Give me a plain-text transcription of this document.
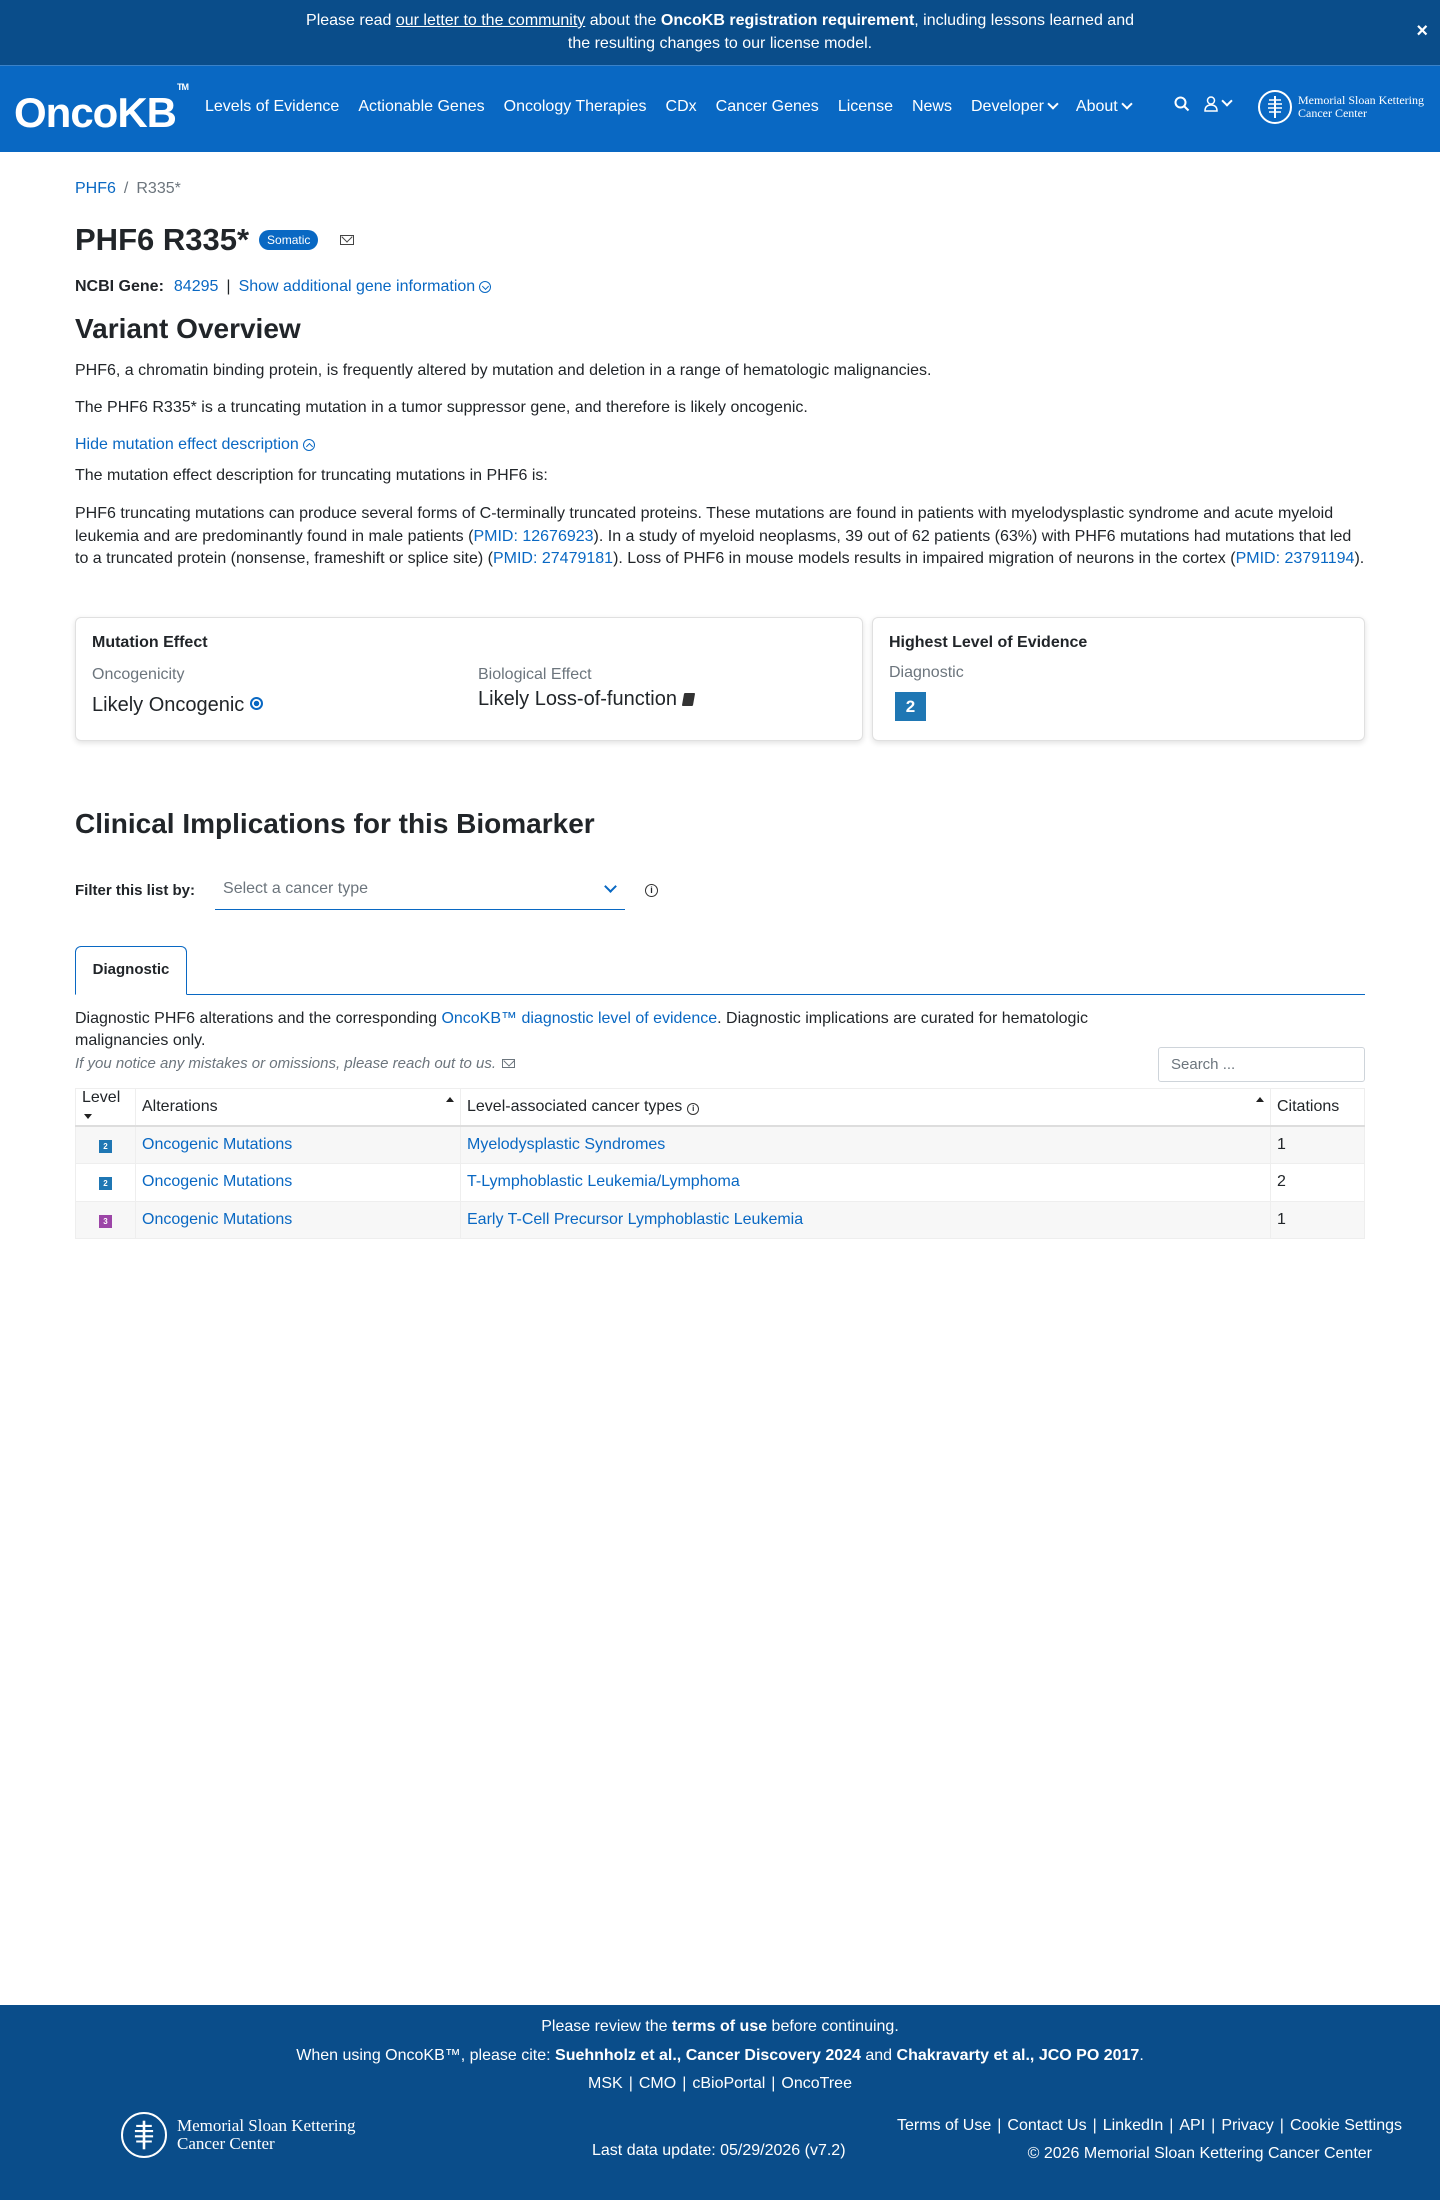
Please read our letter to the community about the OncoKB registration requirement, including lessons learned and
the resulting changes to our license model.
×
OncoKB™
Levels of Evidence Actionable Genes Oncology Therapies CDx Cancer Genes License News Developer	About	Memorial Sloan Kettering
Cancer Center
PHF6 / R335*
PHF6 R335*	Somatic
NCBI Gene: 84295 | Show additional gene information
Variant Overview
PHF6, a chromatin binding protein, is frequently altered by mutation and deletion in a range of hematologic malignancies.
The PHF6 R335* is a truncating mutation in a tumor suppressor gene, and therefore is likely oncogenic.
Hide mutation effect description
The mutation effect description for truncating mutations in PHF6 is:
PHF6 truncating mutations can produce several forms of C-terminally truncated proteins. These mutations are found in patients with myelodysplastic syndrome and acute myeloid leukemia and are predominantly found in male patients (PMID: 12676923). In a study of myeloid neoplasms, 39 out of 62 patients (63%) with PHF6 mutations had mutations that led to a truncated protein (nonsense, frameshift or splice site) (PMID: 27479181). Loss of PHF6 in mouse models results in impaired migration of neurons in the cortex (PMID: 23791194).
Mutation Effect
Oncogenicity
Likely Oncogenic
Biological Effect
Likely Loss-of-function
Highest Level of Evidence
Diagnostic
2
Clinical Implications for this Biomarker
Filter this list by:	Select a cancer type	i
Diagnostic
Diagnostic PHF6 alterations and the corresponding OncoKB™ diagnostic level of evidence. Diagnostic implications are curated for hematologic malignancies only.
If you notice any mistakes or omissions, please reach out to us.	Search ...
Level	Alterations	Level-associated cancer types i	Citations
2	Oncogenic Mutations	Myelodysplastic Syndromes	1
2	Oncogenic Mutations	T-Lymphoblastic Leukemia/Lymphoma	2
3	Oncogenic Mutations	Early T-Cell Precursor Lymphoblastic Leukemia	1
Please review the terms of use before continuing.
When using OncoKB™, please cite: Suehnholz et al., Cancer Discovery 2024 and Chakravarty et al., JCO PO 2017.
MSK | CMO | cBioPortal | OncoTree
Memorial Sloan Kettering
Cancer Center	Last data update: 05/29/2026 (v7.2)
Terms of Use | Contact Us | LinkedIn | API | Privacy | Cookie Settings
© 2026 Memorial Sloan Kettering Cancer Center
